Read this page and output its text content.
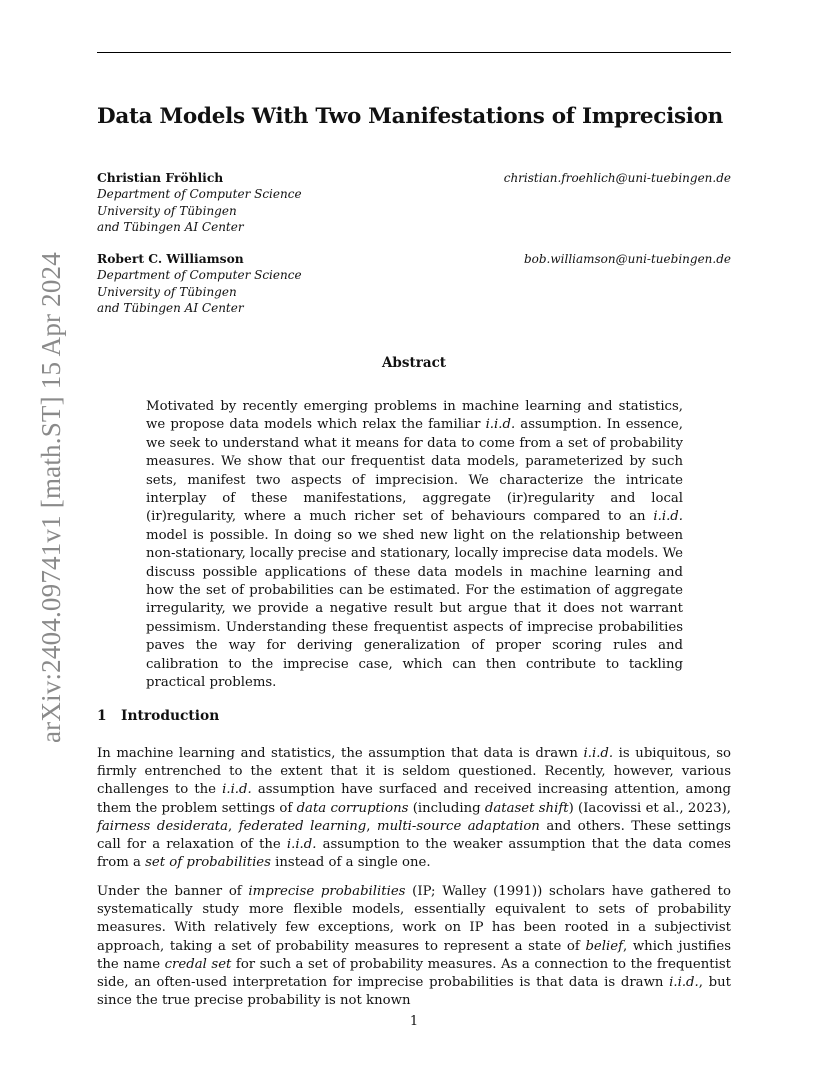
arXiv:2404.09741v1 [math.ST] 15 Apr 2024
Data Models With Two Manifestations of Imprecision
Christian Fröhlich	christian.froehlich@uni-tuebingen.de
Department of Computer Science
University of Tübingen
and Tübingen AI Center
Robert C. Williamson	bob.williamson@uni-tuebingen.de
Department of Computer Science
University of Tübingen
and Tübingen AI Center
Abstract

Motivated by recently emerging problems in machine learning and statistics, we propose data models which relax the familiar i.i.d. assumption. In essence, we seek to understand what it means for data to come from a set of probability measures. We show that our frequentist data models, parameterized by such sets, manifest two aspects of imprecision. We characterize the intricate interplay of these manifestations, aggregate (ir)regularity and local (ir)regularity, where a much richer set of behaviours compared to an i.i.d. model is possible. In doing so we shed new light on the relationship between non-stationary, locally precise and stationary, locally imprecise data models. We discuss possible applications of these data models in machine learning and how the set of probabilities can be estimated. For the estimation of aggregate irregularity, we provide a negative result but argue that it does not warrant pessimism. Understanding these frequentist aspects of imprecise probabilities paves the way for deriving generalization of proper scoring rules and calibration to the imprecise case, which can then contribute to tackling practical problems.

1 Introduction

In machine learning and statistics, the assumption that data is drawn i.i.d. is ubiquitous, so firmly entrenched to the extent that it is seldom questioned. Recently, however, various challenges to the i.i.d. assumption have surfaced and received increasing attention, among them the problem settings of data corruptions (including dataset shift) (Iacovissi et al., 2023), fairness desiderata, federated learning, multi-source adaptation and others. These settings call for a relaxation of the i.i.d. assumption to the weaker assumption that the data comes from a set of probabilities instead of a single one.

Under the banner of imprecise probabilities (IP; Walley (1991)) scholars have gathered to systematically study more flexible models, essentially equivalent to sets of probability measures. With relatively few exceptions, work on IP has been rooted in a subjectivist approach, taking a set of probability measures to represent a state of belief, which justifies the name credal set for such a set of probability measures. As a connection to the frequentist side, an often-used interpretation for imprecise probabilities is that data is drawn i.i.d., but since the true precise probability is not known

1
